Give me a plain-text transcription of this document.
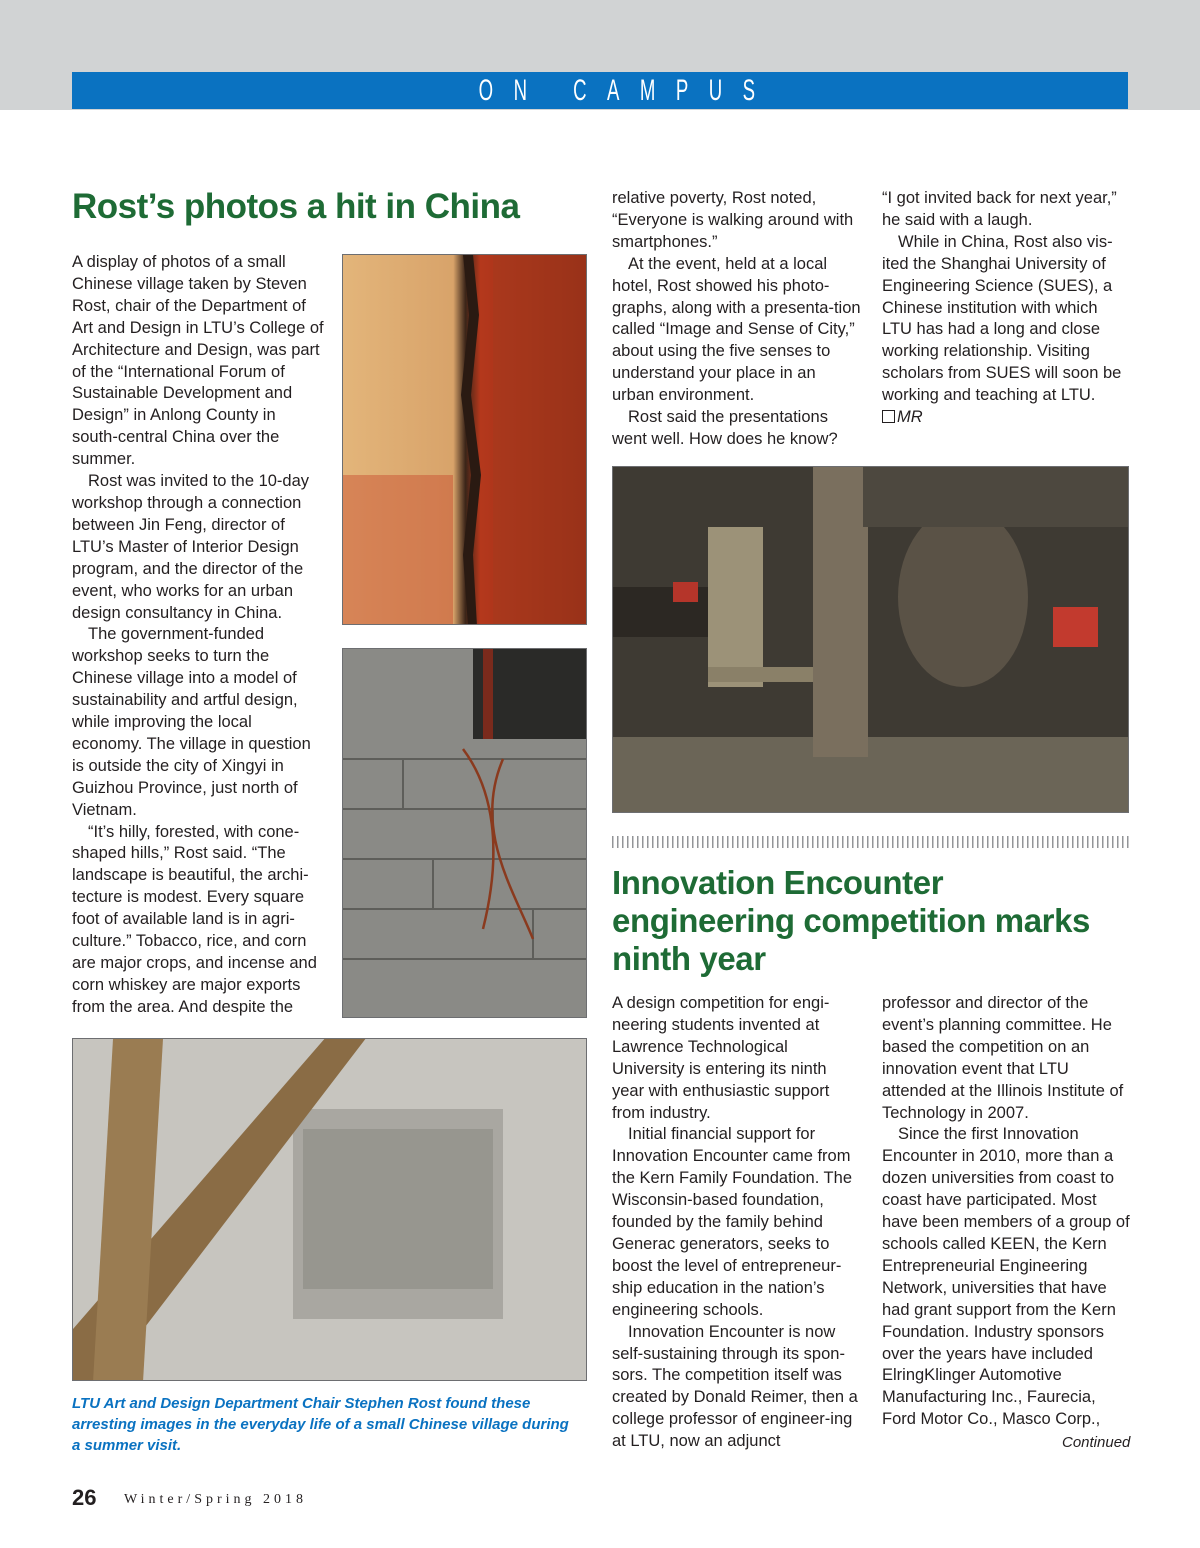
ON CAMPUS
Rost’s photos a hit in China

A display of photos of a small Chinese village taken by Steven Rost, chair of the Department of Art and Design in LTU’s College of Architecture and Design, was part of the “International Forum of Sustainable Development and Design” in Anlong County in south-central China over the summer.

Rost was invited to the 10-day workshop through a connection between Jin Feng, director of LTU’s Master of Interior Design program, and the director of the event, who works for an urban design consultancy in China.

The government-funded workshop seeks to turn the Chinese village into a model of sustainability and artful design, while improving the local economy. The village in question is outside the city of Xingyi in Guizhou Province, just north of Vietnam.

“It’s hilly, forested, with cone-shaped hills,” Rost said. “The landscape is beautiful, the archi-tecture is modest. Every square foot of available land is in agri-culture.” Tobacco, rice, and corn are major crops, and incense and corn whiskey are major exports from the area. And despite the

relative poverty, Rost noted, “Everyone is walking around with smartphones.”

At the event, held at a local hotel, Rost showed his photo-graphs, along with a presenta-tion called “Image and Sense of City,” about using the five senses to understand your place in an urban environment.

Rost said the presentations went well. How does he know?

“I got invited back for next year,” he said with a laugh.

While in China, Rost also vis-ited the Shanghai University of Engineering Science (SUES), a Chinese institution with which LTU has had a long and close working relationship. Visiting scholars from SUES will soon be working and teaching at LTU.

MR

LTU Art and Design Department Chair Stephen Rost found these arresting images in the everyday life of a small Chinese village during a summer visit.
Innovation Encounter engineering competition marks ninth year

A design competition for engi-neering students invented at Lawrence Technological University is entering its ninth year with enthusiastic support from industry.

Initial financial support for Innovation Encounter came from the Kern Family Foundation. The Wisconsin-based foundation, founded by the family behind Generac generators, seeks to boost the level of entrepreneur-ship education in the nation’s engineering schools.

Innovation Encounter is now self-sustaining through its spon-sors. The competition itself was created by Donald Reimer, then a college professor of engineer-ing at LTU, now an adjunct

professor and director of the event’s planning committee. He based the competition on an innovation event that LTU attended at the Illinois Institute of Technology in 2007.

Since the first Innovation Encounter in 2010, more than a dozen universities from coast to coast have participated. Most have been members of a group of schools called KEEN, the Kern Entrepreneurial Engineering Network, universities that have had grant support from the Kern Foundation. Industry sponsors over the years have included ElringKlinger Automotive Manufacturing Inc., Faurecia, Ford Motor Co., Masco Corp.,

Continued
26 Winter/Spring 2018
